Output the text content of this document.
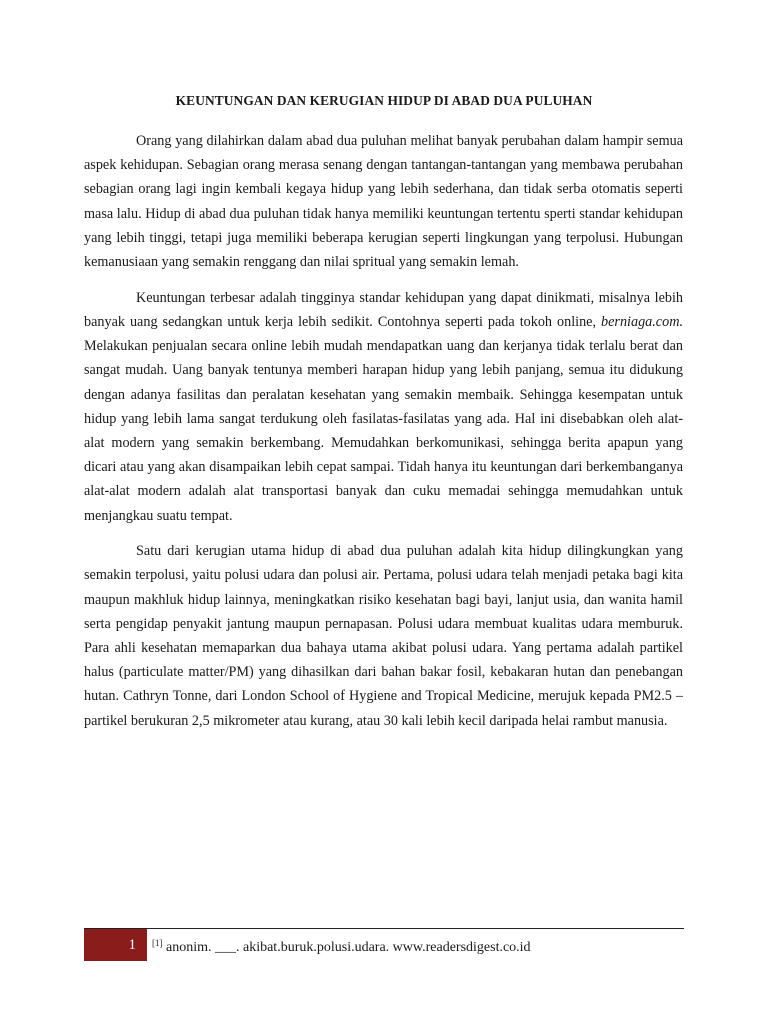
KEUNTUNGAN DAN KERUGIAN HIDUP DI ABAD DUA PULUHAN

Orang yang dilahirkan dalam abad dua puluhan melihat banyak perubahan dalam hampir semua aspek kehidupan. Sebagian orang merasa senang dengan tantangan-tantangan yang membawa perubahan sebagian orang lagi ingin kembali kegaya hidup yang lebih sederhana, dan tidak serba otomatis seperti masa lalu. Hidup di abad dua puluhan tidak hanya memiliki keuntungan tertentu sperti standar kehidupan yang lebih tinggi, tetapi juga memiliki beberapa kerugian seperti lingkungan yang terpolusi. Hubungan kemanusiaan yang semakin renggang dan nilai spritual yang semakin lemah.

Keuntungan terbesar adalah tingginya standar kehidupan yang dapat dinikmati, misalnya lebih banyak uang sedangkan untuk kerja lebih sedikit. Contohnya seperti pada tokoh online, berniaga.com. Melakukan penjualan secara online lebih mudah mendapatkan uang dan kerjanya tidak terlalu berat dan sangat mudah. Uang banyak tentunya memberi harapan hidup yang lebih panjang, semua itu didukung dengan adanya fasilitas dan peralatan kesehatan yang semakin membaik. Sehingga kesempatan untuk hidup yang lebih lama sangat terdukung oleh fasilatas-fasilatas yang ada. Hal ini disebabkan oleh alat-alat modern yang semakin berkembang. Memudahkan berkomunikasi, sehingga berita apapun yang dicari atau yang akan disampaikan lebih cepat sampai. Tidah hanya itu keuntungan dari berkembanganya alat-alat modern adalah alat transportasi banyak dan cuku memadai sehingga memudahkan untuk menjangkau suatu tempat.

Satu dari kerugian utama hidup di abad dua puluhan adalah kita hidup dilingkungkan yang semakin terpolusi, yaitu polusi udara dan polusi air. Pertama, polusi udara telah menjadi petaka bagi kita maupun makhluk hidup lainnya, meningkatkan risiko kesehatan bagi bayi, lanjut usia, dan wanita hamil serta pengidap penyakit jantung maupun pernapasan. Polusi udara membuat kualitas udara memburuk. Para ahli kesehatan memaparkan dua bahaya utama akibat polusi udara. Yang pertama adalah partikel halus (particulate matter/PM) yang dihasilkan dari bahan bakar fosil, kebakaran hutan dan penebangan hutan. Cathryn Tonne, dari London School of Hygiene and Tropical Medicine, merujuk kepada PM2.5 – partikel berukuran 2,5 mikrometer atau kurang, atau 30 kali lebih kecil daripada helai rambut manusia.

1	[1] anonim. ___. akibat.buruk.polusi.udara. www.readersdigest.co.id
